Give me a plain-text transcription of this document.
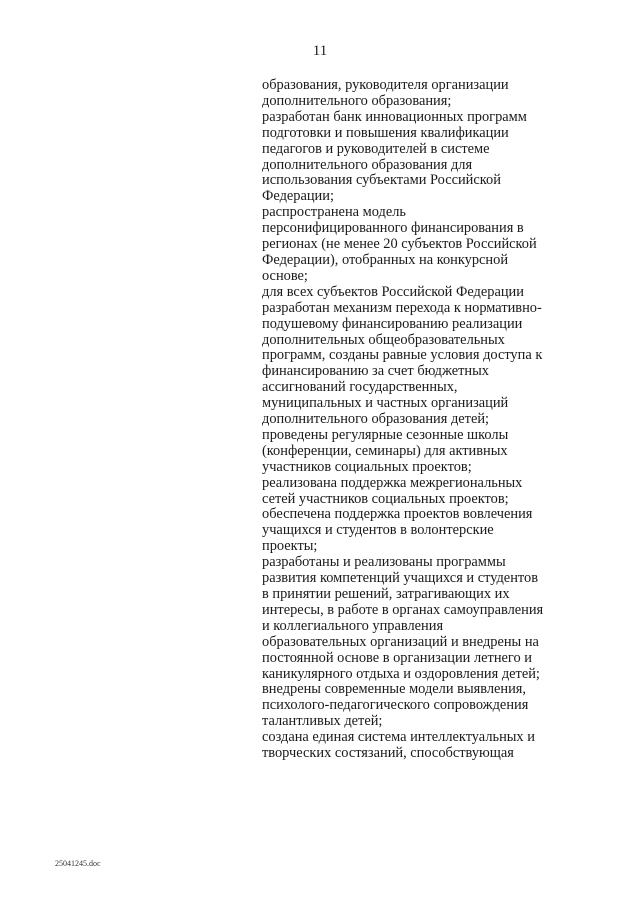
11
образования, руководителя организации
дополнительного образования;
разработан банк инновационных программ
подготовки и повышения квалификации
педагогов и руководителей в системе
дополнительного образования для
использования субъектами Российской
Федерации;
распространена модель
персонифицированного финансирования в
регионах (не менее 20 субъектов Российской
Федерации), отобранных на конкурсной
основе;
для всех субъектов Российской Федерации
разработан механизм перехода к нормативно-
подушевому финансированию реализации
дополнительных общеобразовательных
программ, созданы равные условия доступа к
финансированию за счет бюджетных
ассигнований государственных,
муниципальных и частных организаций
дополнительного образования детей;
проведены регулярные сезонные школы
(конференции, семинары) для активных
участников социальных проектов;
реализована поддержка межрегиональных
сетей участников социальных проектов;
обеспечена поддержка проектов вовлечения
учащихся и студентов в волонтерские
проекты;
разработаны и реализованы программы
развития компетенций учащихся и студентов
в принятии решений, затрагивающих их
интересы, в работе в органах самоуправления
и коллегиального управления
образовательных организаций и внедрены на
постоянной основе в организации летнего и
каникулярного отдыха и оздоровления детей;
внедрены современные модели выявления,
психолого-педагогического сопровождения
талантливых детей;
создана единая система интеллектуальных и
творческих состязаний, способствующая
25041245.doc
